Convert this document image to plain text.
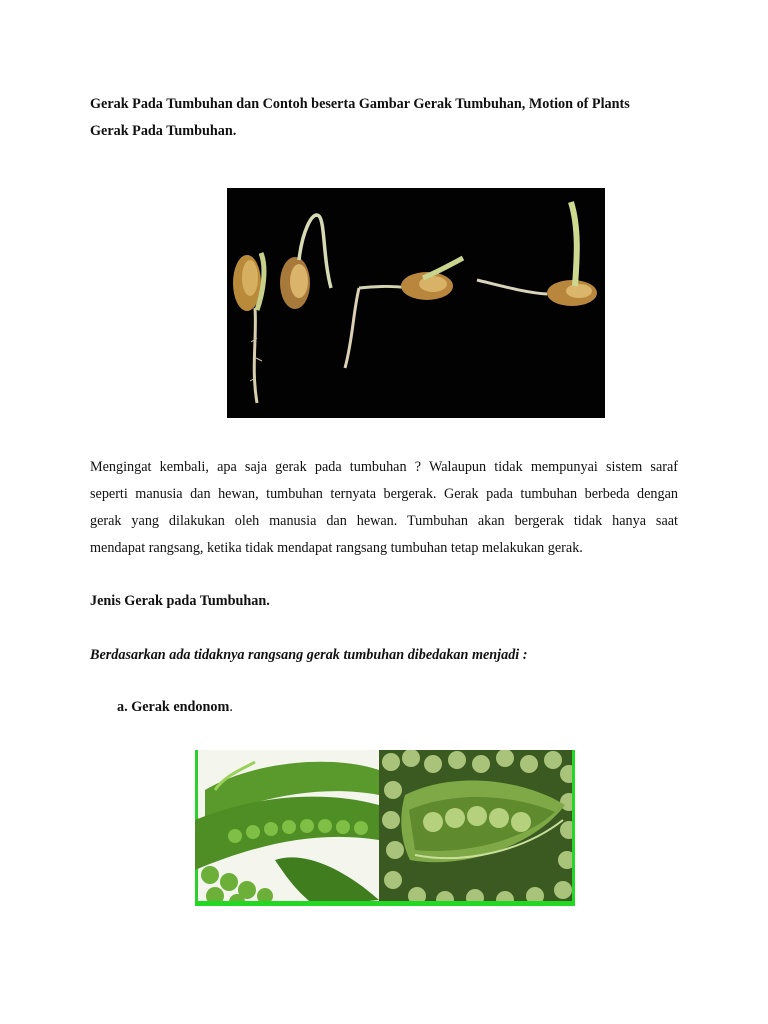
Gerak Pada Tumbuhan dan Contoh beserta Gambar Gerak Tumbuhan, Motion of Plants
Gerak Pada Tumbuhan.
Mengingat kembali, apa saja gerak pada tumbuhan ? Walaupun tidak mempunyai sistem saraf
seperti manusia dan hewan, tumbuhan ternyata bergerak. Gerak pada tumbuhan berbeda dengan
gerak yang dilakukan oleh manusia dan hewan. Tumbuhan akan bergerak tidak hanya saat
mendapat rangsang, ketika tidak mendapat rangsang tumbuhan tetap melakukan gerak.
Jenis Gerak pada Tumbuhan.
Berdasarkan ada tidaknya rangsang gerak tumbuhan dibedakan menjadi :
a. Gerak endonom.
